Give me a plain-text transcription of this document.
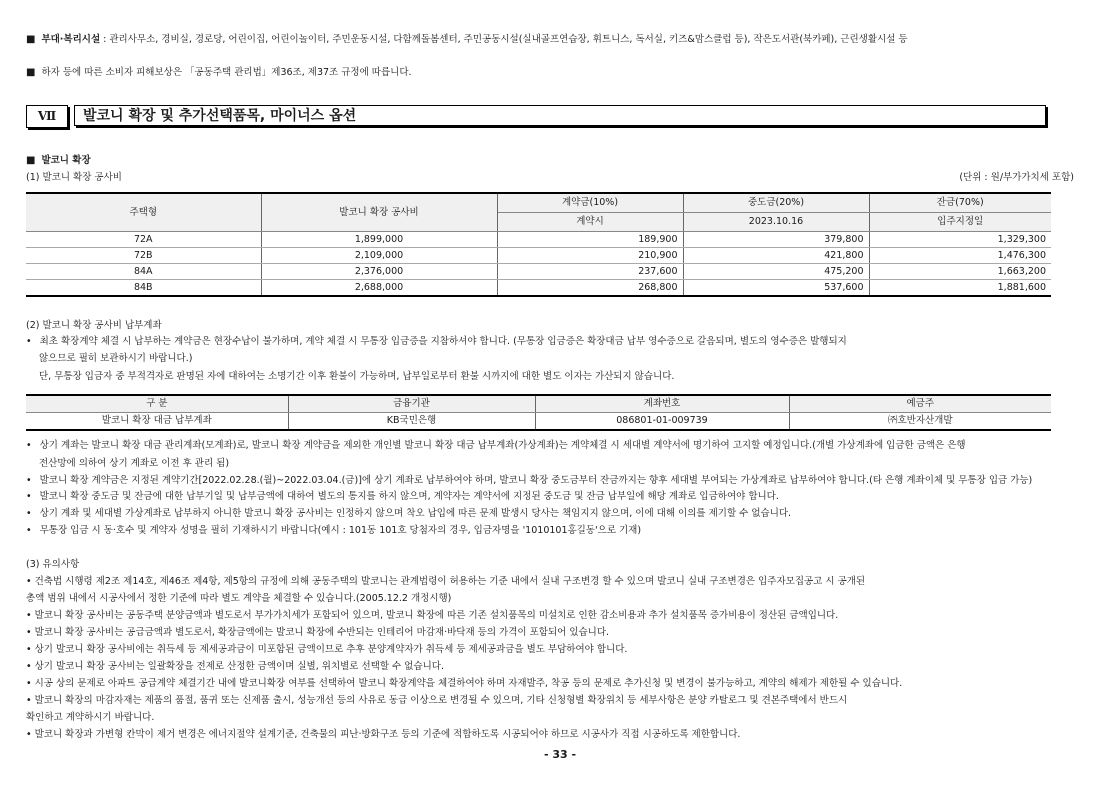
■ 부대·복리시설 : 관리사무소, 경비실, 경로당, 어린이집, 어린이놀이터, 주민운동시설, 다함께돌봄센터, 주민공동시설(실내골프연습장, 휘트니스, 독서실, 키즈&맘스클럽 등), 작은도서관(북카페), 근린생활시설 등
■ 하자 등에 따른 소비자 피해보상은 「공동주택 관리법」제36조, 제37조 규정에 따릅니다.
Ⅶ	발코니 확장 및 추가선택품목, 마이너스 옵션
■ 발코니 확장
(1) 발코니 확장 공사비	(단위 : 원/부가가치세 포함)
주택형	발코니 확장 공사비	계약금(10%)	중도금(20%)	잔금(70%)
		계약시	2023.10.16	입주지정일
72A	1,899,000	189,900	379,800	1,329,300
72B	2,109,000	210,900	421,800	1,476,300
84A	2,376,000	237,600	475,200	1,663,200
84B	2,688,000	268,800	537,600	1,881,600
(2) 발코니 확장 공사비 납부계좌
• 최초 확장계약 체결 시 납부하는 계약금은 현장수납이 불가하며, 계약 체결 시 무통장 입금증을 지참하셔야 합니다. (무통장 입금증은 확장대금 납부 영수증으로 갈음되며, 별도의 영수증은 발행되지
않으므로 필히 보관하시기 바랍니다.)
단, 무통장 입금자 중 부적격자로 판명된 자에 대하여는 소명기간 이후 환불이 가능하며, 납부일로부터 환불 시까지에 대한 별도 이자는 가산되지 않습니다.
구 분	금융기관	계좌번호	예금주
발코니 확장 대금 납부계좌	KB국민은행	086801-01-009739	㈜호반자산개발
• 상기 계좌는 발코니 확장 대금 관리계좌(모계좌)로, 발코니 확장 계약금을 제외한 개인별 발코니 확장 대금 납부계좌(가상계좌)는 계약체결 시 세대별 계약서에 명기하여 고지할 예정입니다.(개별 가상계좌에 입금한 금액은 은행
전산망에 의하여 상기 계좌로 이전 후 관리 됨)
• 발코니 확장 계약금은 지정된 계약기간[2022.02.28.(월)~2022.03.04.(금)]에 상기 계좌로 납부하여야 하며, 발코니 확장 중도금부터 잔금까지는 향후 세대별 부여되는 가상계좌로 납부하여야 합니다.(타 은행 계좌이체 및 무통장 입금 가능)
• 발코니 확장 중도금 및 잔금에 대한 납부기일 및 납부금액에 대하여 별도의 통지를 하지 않으며, 계약자는 계약서에 지정된 중도금 및 잔금 납부일에 해당 계좌로 입금하여야 합니다.
• 상기 계좌 및 세대별 가상계좌로 납부하지 아니한 발코니 확장 공사비는 인정하지 않으며 착오 납입에 따른 문제 발생시 당사는 책임지지 않으며, 이에 대해 이의를 제기할 수 없습니다.
• 무통장 입금 시 동·호수 및 계약자 성명을 필히 기재하시기 바랍니다(예시 : 101동 101호 당첨자의 경우, 입금자명을 '1010101홍길동'으로 기재)
(3) 유의사항
• 건축법 시행령 제2조 제14호, 제46조 제4항, 제5항의 규정에 의해 공동주택의 발코니는 관계법령이 허용하는 기준 내에서 실내 구조변경 할 수 있으며 발코니 실내 구조변경은 입주자모집공고 시 공개된
총액 범위 내에서 시공사에서 정한 기준에 따라 별도 계약을 체결할 수 있습니다.(2005.12.2 개정시행)
• 발코니 확장 공사비는 공동주택 분양금액과 별도로서 부가가치세가 포함되어 있으며, 발코니 확장에 따른 기존 설치품목의 미설치로 인한 감소비용과 추가 설치품목 증가비용이 정산된 금액입니다.
• 발코니 확장 공사비는 공급금액과 별도로서, 확장금액에는 발코니 확장에 수반되는 인테리어 마감재·바닥재 등의 가격이 포함되어 있습니다.
• 상기 발코니 확장 공사비에는 취득세 등 제세공과금이 미포함된 금액이므로 추후 분양계약자가 취득세 등 제세공과금을 별도 부담하여야 합니다.
• 상기 발코니 확장 공사비는 일괄확장을 전제로 산정한 금액이며 실별, 위치별로 선택할 수 없습니다.
• 시공 상의 문제로 아파트 공급계약 체결기간 내에 발코니확장 여부를 선택하여 발코니 확장계약을 체결하여야 하며 자재발주, 착공 등의 문제로 추가신청 및 변경이 불가능하고, 계약의 해제가 제한될 수 있습니다.
• 발코니 확장의 마감자재는 제품의 품절, 품귀 또는 신제품 출시, 성능개선 등의 사유로 동급 이상으로 변경될 수 있으며, 기타 신청형별 확장위치 등 세부사항은 분양 카탈로그 및 견본주택에서 반드시
확인하고 계약하시기 바랍니다.
• 발코니 확장과 가변형 칸막이 제거 변경은 에너지절약 설계기준, 건축물의 피난·방화구조 등의 기준에 적합하도록 시공되어야 하므로 시공사가 직접 시공하도록 제한합니다.
- 33 -
